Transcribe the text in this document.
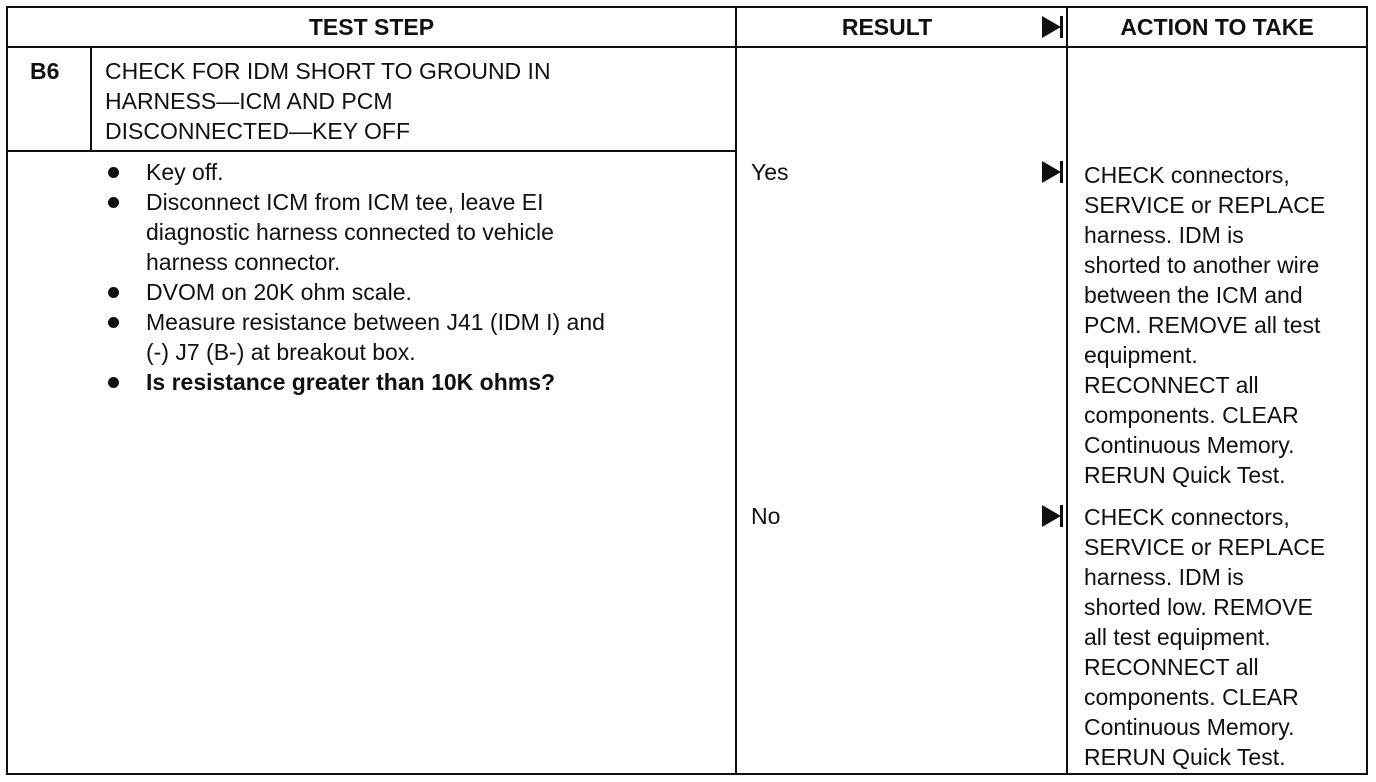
TEST STEP	RESULT	ACTION TO TAKE
B6 CHECK FOR IDM SHORT TO GROUND IN
HARNESS—ICM AND PCM
DISCONNECTED—KEY OFF
Key off.
Disconnect ICM from ICM tee, leave EI
diagnostic harness connected to vehicle
harness connector.
DVOM on 20K ohm scale.
Measure resistance between J41 (IDM I) and
(-) J7 (B-) at breakout box.
Is resistance greater than 10K ohms?
Yes	CHECK connectors,
SERVICE or REPLACE
harness. IDM is
shorted to another wire
between the ICM and
PCM. REMOVE all test
equipment.
RECONNECT all
components. CLEAR
Continuous Memory.
RERUN Quick Test.
No	CHECK connectors,
SERVICE or REPLACE
harness. IDM is
shorted low. REMOVE
all test equipment.
RECONNECT all
components. CLEAR
Continuous Memory.
RERUN Quick Test.
